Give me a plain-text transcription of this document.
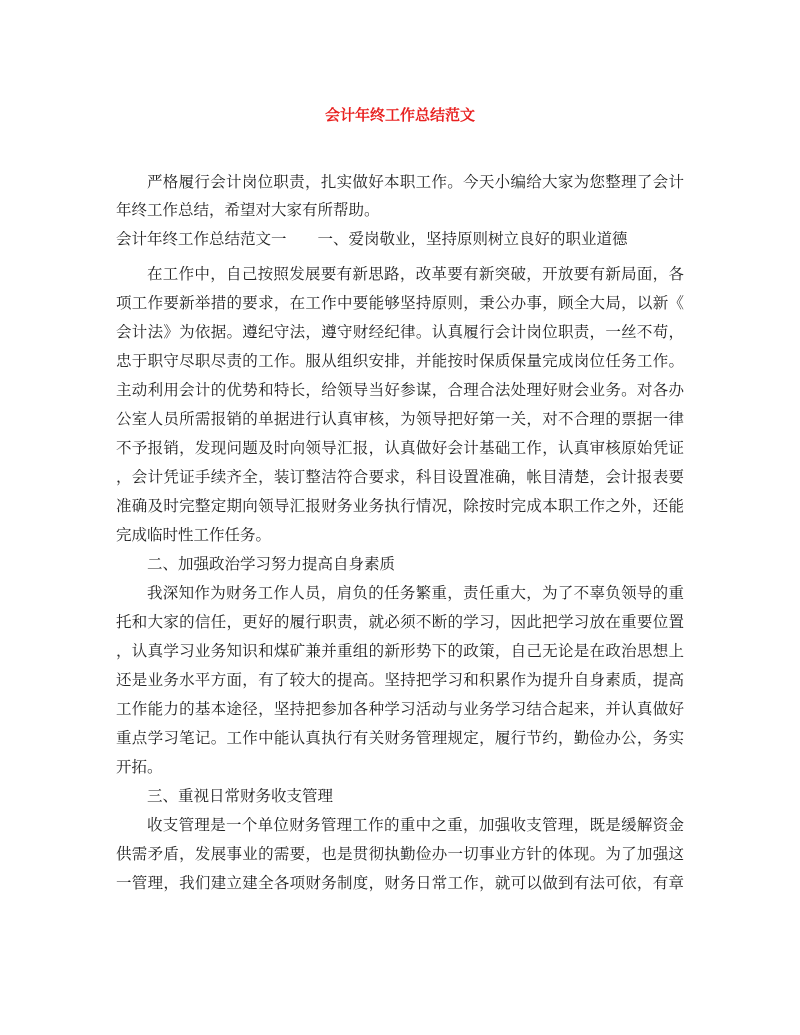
会计年终工作总结范文
严格履行会计岗位职责，扎实做好本职工作。今天小编给大家为您整理了会计
年终工作总结，希望对大家有所帮助。
会计年终工作总结范文一　　一、爱岗敬业，坚持原则树立良好的职业道德
在工作中，自己按照发展要有新思路，改革要有新突破，开放要有新局面，各
项工作要新举措的要求，在工作中要能够坚持原则，秉公办事，顾全大局，以新《
会计法》为依据。遵纪守法，遵守财经纪律。认真履行会计岗位职责，一丝不苟，
忠于职守尽职尽责的工作。服从组织安排，并能按时保质保量完成岗位任务工作。
主动利用会计的优势和特长，给领导当好参谋，合理合法处理好财会业务。对各办
公室人员所需报销的单据进行认真审核，为领导把好第一关，对不合理的票据一律
不予报销，发现问题及时向领导汇报，认真做好会计基础工作，认真审核原始凭证
，会计凭证手续齐全，装订整洁符合要求，科目设置准确，帐目清楚，会计报表要
准确及时完整定期向领导汇报财务业务执行情况，除按时完成本职工作之外，还能
完成临时性工作任务。
二、加强政治学习努力提高自身素质
我深知作为财务工作人员，肩负的任务繁重，责任重大，为了不辜负领导的重
托和大家的信任，更好的履行职责，就必须不断的学习，因此把学习放在重要位置
，认真学习业务知识和煤矿兼并重组的新形势下的政策，自己无论是在政治思想上
还是业务水平方面，有了较大的提高。坚持把学习和积累作为提升自身素质，提高
工作能力的基本途径，坚持把参加各种学习活动与业务学习结合起来，并认真做好
重点学习笔记。工作中能认真执行有关财务管理规定，履行节约，勤俭办公，务实
开拓。
三、重视日常财务收支管理
收支管理是一个单位财务管理工作的重中之重，加强收支管理，既是缓解资金
供需矛盾，发展事业的需要，也是贯彻执勤俭办一切事业方针的体现。为了加强这
一管理，我们建立建全各项财务制度，财务日常工作，就可以做到有法可依，有章
